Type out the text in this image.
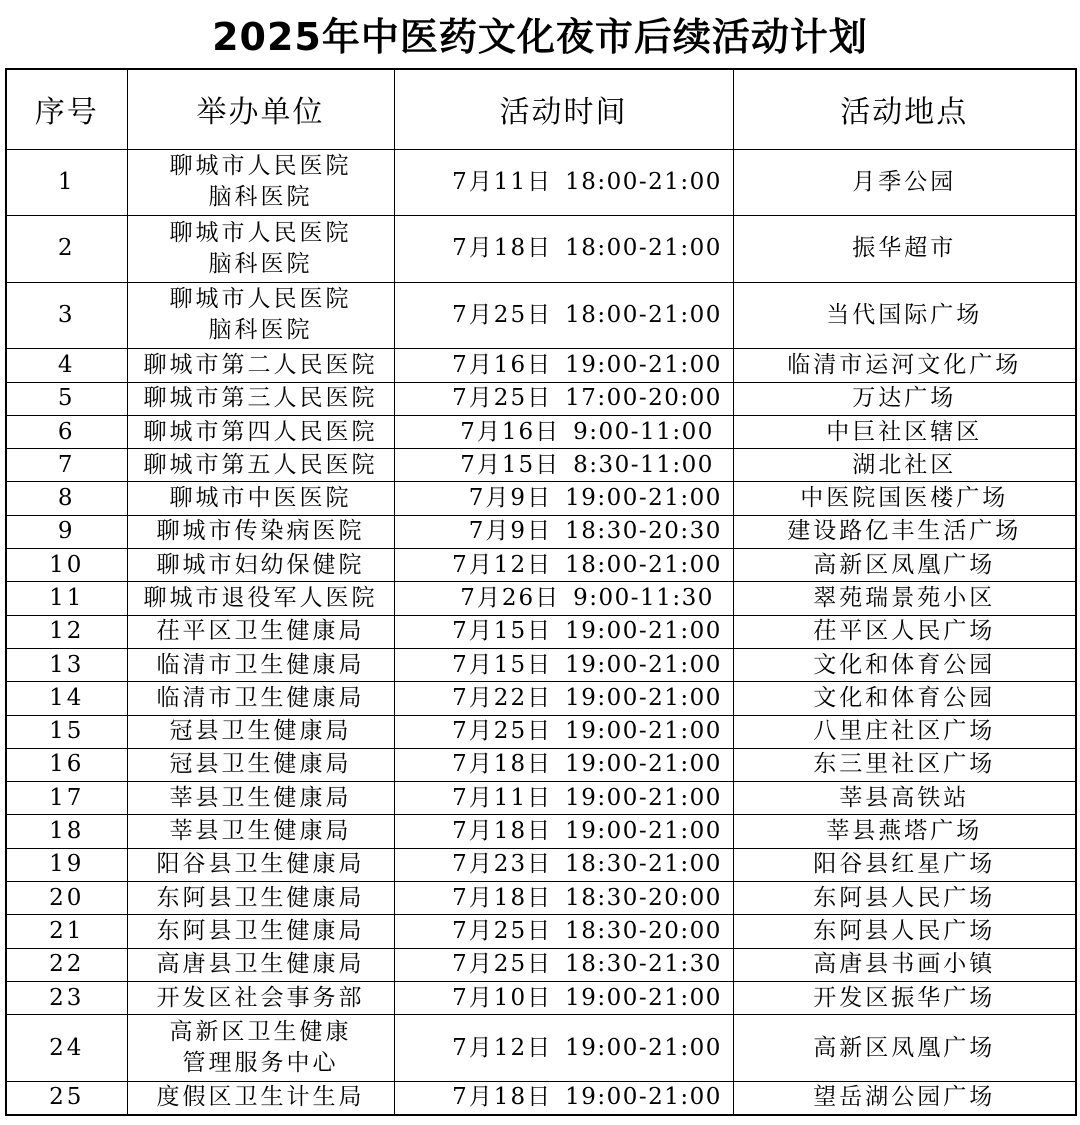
2025年中医药文化夜市后续活动计划
序号	举办单位	活动时间	活动地点
1	聊城市人民医院
脑科医院	7月11日 18:00-21:00	月季公园
2	聊城市人民医院
脑科医院	7月18日 18:00-21:00	振华超市
3	聊城市人民医院
脑科医院	7月25日 18:00-21:00	当代国际广场
4	聊城市第二人民医院	7月16日 19:00-21:00	临清市运河文化广场
5	聊城市第三人民医院	7月25日 17:00-20:00	万达广场
6	聊城市第四人民医院	7月16日 9:00-11:00	中巨社区辖区
7	聊城市第五人民医院	7月15日 8:30-11:00	湖北社区
8	聊城市中医医院	7月9日 19:00-21:00	中医院国医楼广场
9	聊城市传染病医院	7月9日 18:30-20:30	建设路亿丰生活广场
10	聊城市妇幼保健院	7月12日 18:00-21:00	高新区凤凰广场
11	聊城市退役军人医院	7月26日 9:00-11:30	翠苑瑞景苑小区
12	茌平区卫生健康局	7月15日 19:00-21:00	茌平区人民广场
13	临清市卫生健康局	7月15日 19:00-21:00	文化和体育公园
14	临清市卫生健康局	7月22日 19:00-21:00	文化和体育公园
15	冠县卫生健康局	7月25日 19:00-21:00	八里庄社区广场
16	冠县卫生健康局	7月18日 19:00-21:00	东三里社区广场
17	莘县卫生健康局	7月11日 19:00-21:00	莘县高铁站
18	莘县卫生健康局	7月18日 19:00-21:00	莘县燕塔广场
19	阳谷县卫生健康局	7月23日 18:30-21:00	阳谷县红星广场
20	东阿县卫生健康局	7月18日 18:30-20:00	东阿县人民广场
21	东阿县卫生健康局	7月25日 18:30-20:00	东阿县人民广场
22	高唐县卫生健康局	7月25日 18:30-21:30	高唐县书画小镇
23	开发区社会事务部	7月10日 19:00-21:00	开发区振华广场
24	高新区卫生健康
管理服务中心	7月12日 19:00-21:00	高新区凤凰广场
25	度假区卫生计生局	7月18日 19:00-21:00	望岳湖公园广场
